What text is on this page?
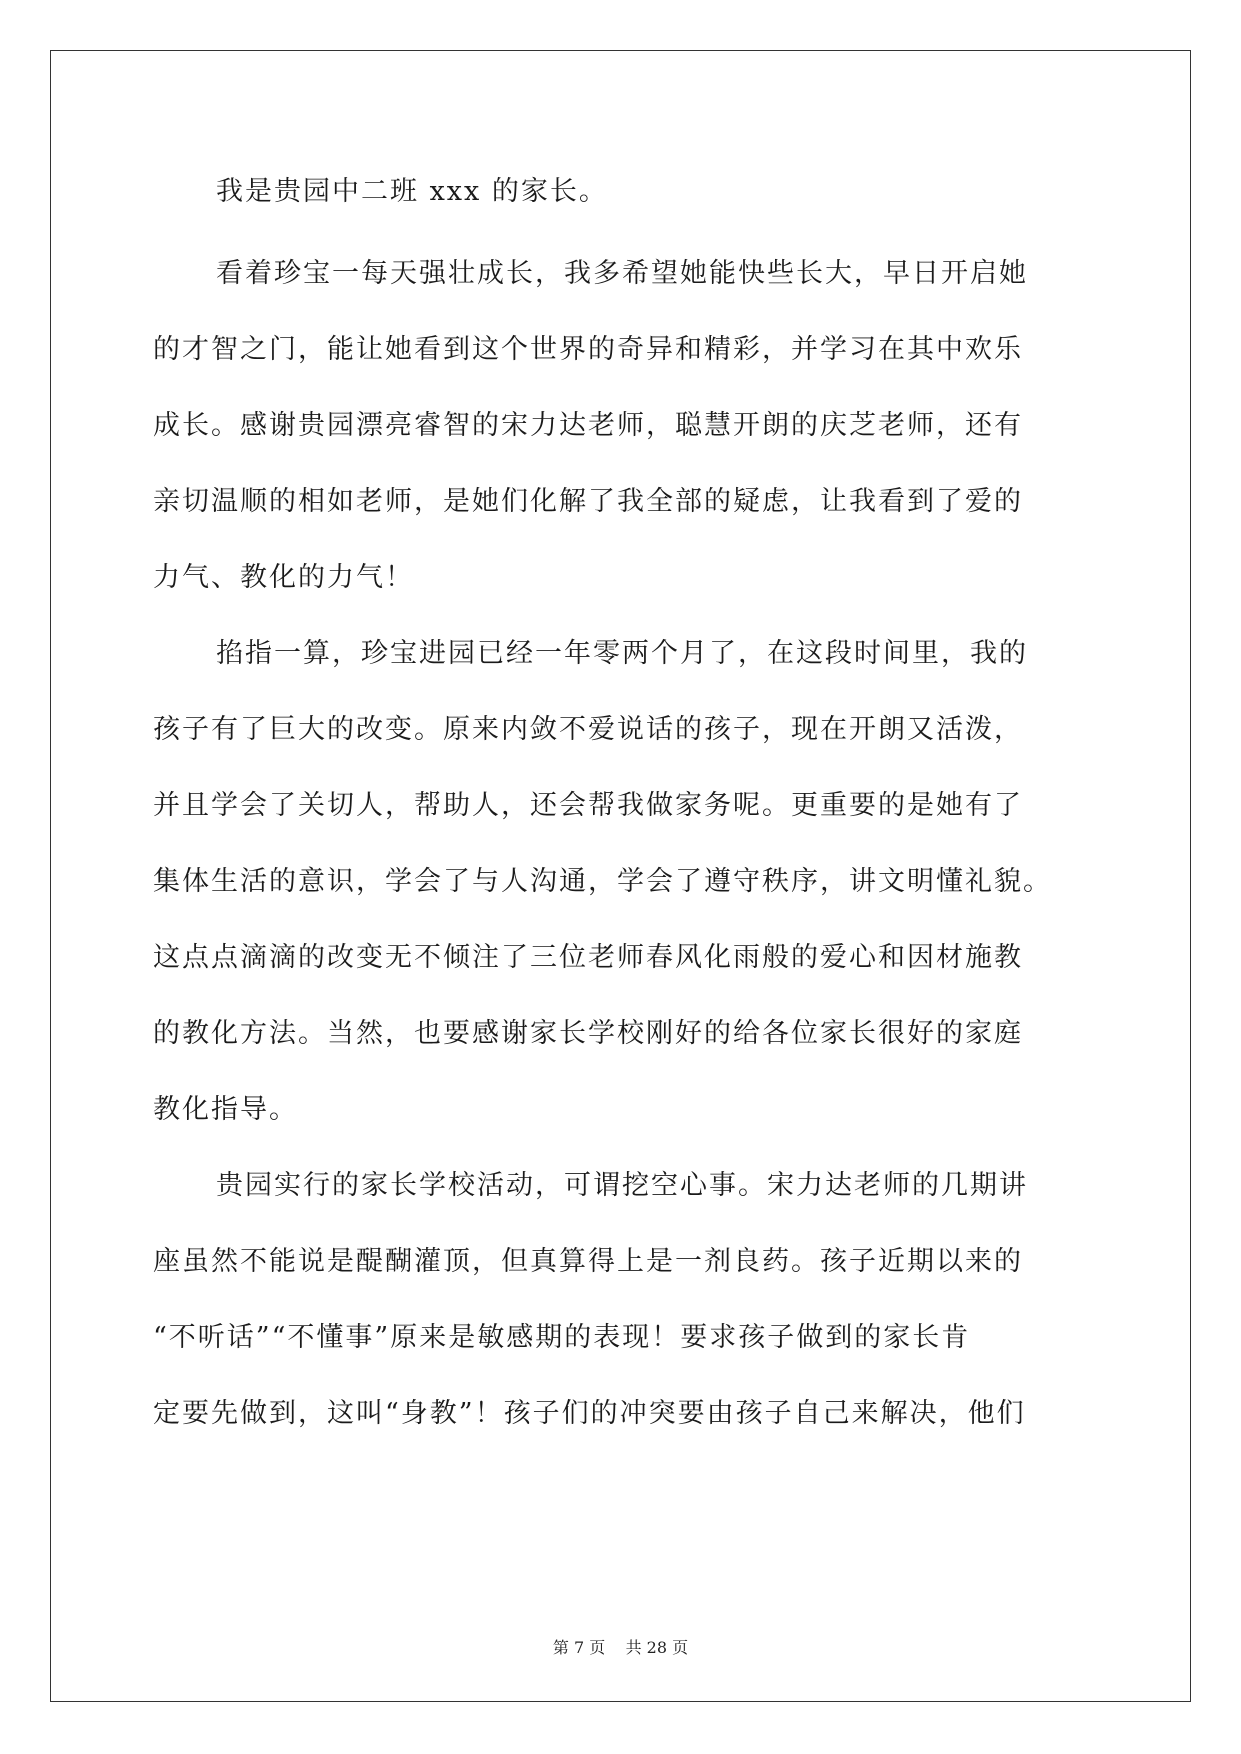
我是贵园中二班 xxx 的家长。
看着珍宝一每天强壮成长，我多希望她能快些长大，早日开启她
的才智之门，能让她看到这个世界的奇异和精彩，并学习在其中欢乐
成长。感谢贵园漂亮睿智的宋力达老师，聪慧开朗的庆芝老师，还有
亲切温顺的相如老师，是她们化解了我全部的疑虑，让我看到了爱的
力气、教化的力气！
掐指一算，珍宝进园已经一年零两个月了，在这段时间里，我的
孩子有了巨大的改变。原来内敛不爱说话的孩子，现在开朗又活泼，
并且学会了关切人，帮助人，还会帮我做家务呢。更重要的是她有了
集体生活的意识，学会了与人沟通，学会了遵守秩序，讲文明懂礼貌。
这点点滴滴的改变无不倾注了三位老师春风化雨般的爱心和因材施教
的教化方法。当然，也要感谢家长学校刚好的给各位家长很好的家庭
教化指导。
贵园实行的家长学校活动，可谓挖空心事。宋力达老师的几期讲
座虽然不能说是醍醐灌顶，但真算得上是一剂良药。孩子近期以来的
“不听话”“不懂事”原来是敏感期的表现！要求孩子做到的家长肯
定要先做到，这叫“身教”！孩子们的冲突要由孩子自己来解决，他们
第 7 页 共 28 页
